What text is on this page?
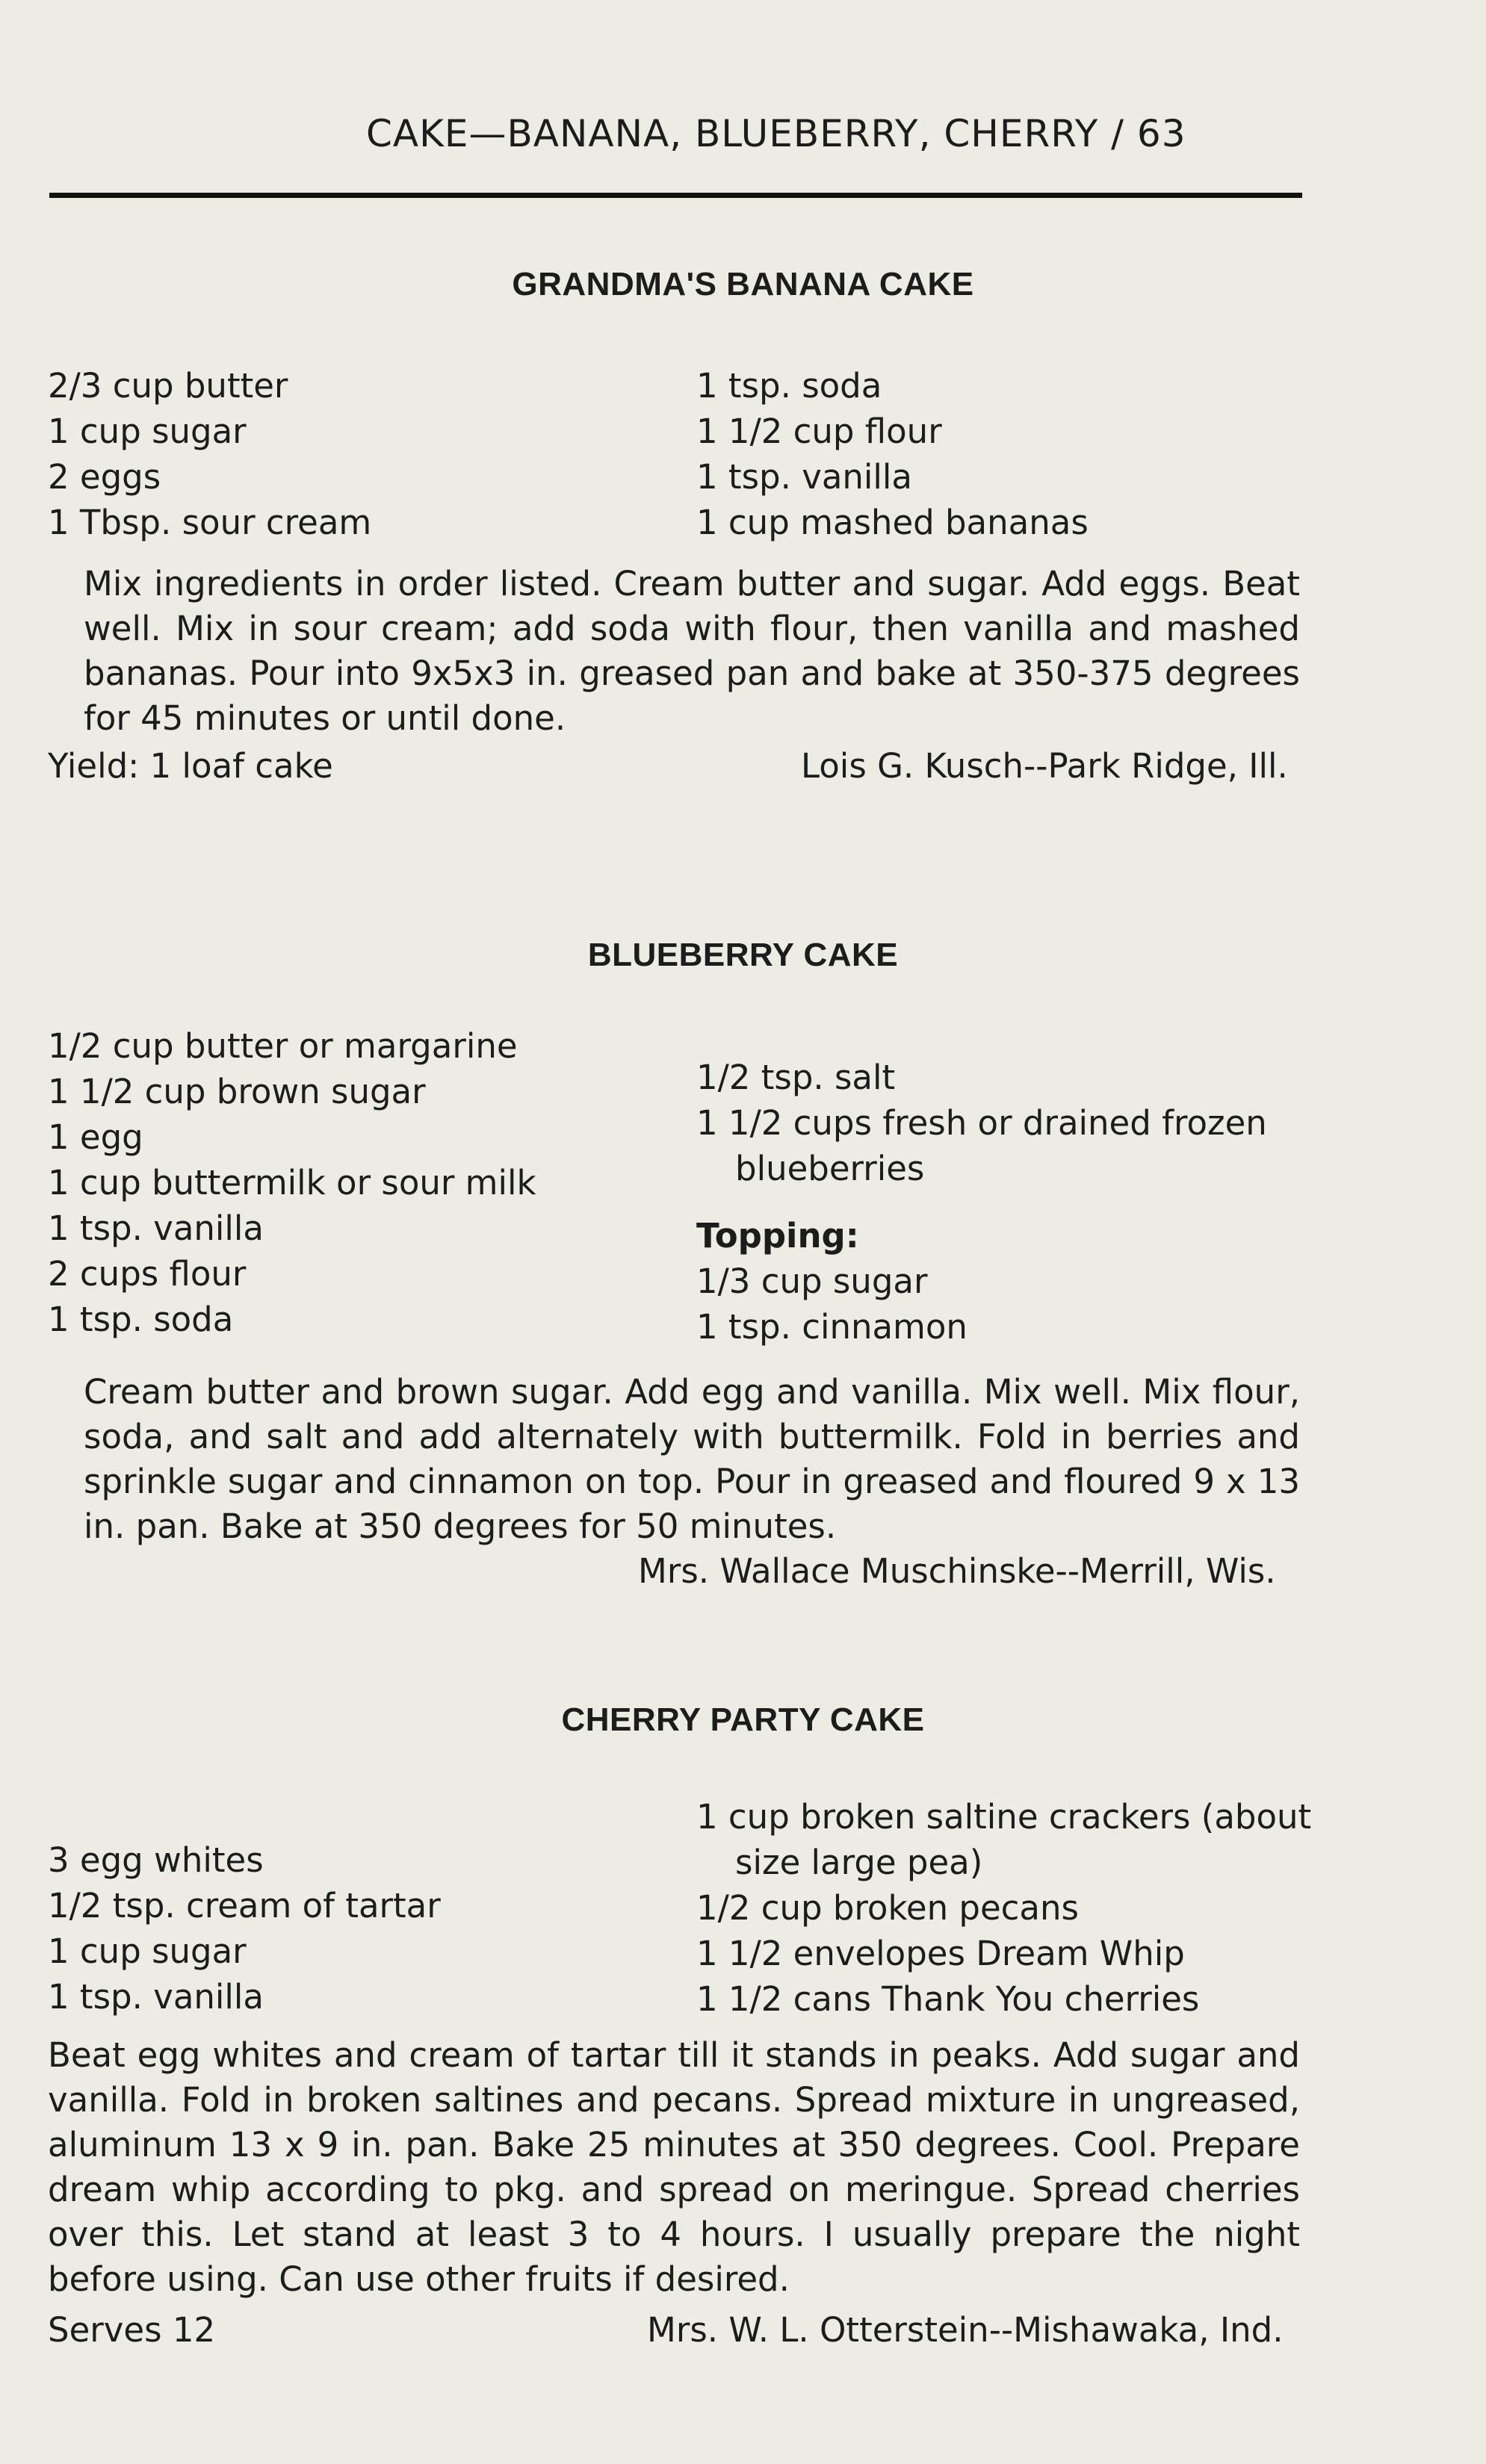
CAKE—BANANA, BLUEBERRY, CHERRY / 63
GRANDMA'S BANANA CAKE
2/3 cup butter
1 cup sugar
2 eggs
1 Tbsp. sour cream
1 tsp. soda
1 1/2 cup flour
1 tsp. vanilla
1 cup mashed bananas

Mix ingredients in order listed. Cream butter and sugar. Add eggs. Beat well. Mix in sour cream; add soda with flour, then vanilla and mashed bananas. Pour into 9x5x3 in. greased pan and bake at 350-375 degrees for 45 minutes or until done.

Yield: 1 loaf cake	Lois G. Kusch--Park Ridge, Ill.
BLUEBERRY CAKE
1/2 cup butter or margarine
1 1/2 cup brown sugar
1 egg
1 cup buttermilk or sour milk
1 tsp. vanilla
2 cups flour
1 tsp. soda
1/2 tsp. salt
1 1/2 cups fresh or drained frozen
blueberries
Topping:
1/3 cup sugar
1 tsp. cinnamon

Cream butter and brown sugar. Add egg and vanilla. Mix well. Mix flour, soda, and salt and add alternately with buttermilk. Fold in berries and sprinkle sugar and cinnamon on top. Pour in greased and floured 9 x 13 in. pan. Bake at 350 degrees for 50 minutes.

Mrs. Wallace Muschinske--Merrill, Wis.
CHERRY PARTY CAKE
3 egg whites
1/2 tsp. cream of tartar
1 cup sugar
1 tsp. vanilla
1 cup broken saltine crackers (about
size large pea)
1/2 cup broken pecans
1 1/2 envelopes Dream Whip
1 1/2 cans Thank You cherries

Beat egg whites and cream of tartar till it stands in peaks. Add sugar and vanilla. Fold in broken saltines and pecans. Spread mixture in ungreased, aluminum 13 x 9 in. pan. Bake 25 minutes at 350 degrees. Cool. Prepare dream whip according to pkg. and spread on meringue. Spread cherries over this. Let stand at least 3 to 4 hours. I usually prepare the night before using. Can use other fruits if desired.

Serves 12	Mrs. W. L. Otterstein--Mishawaka, Ind.
